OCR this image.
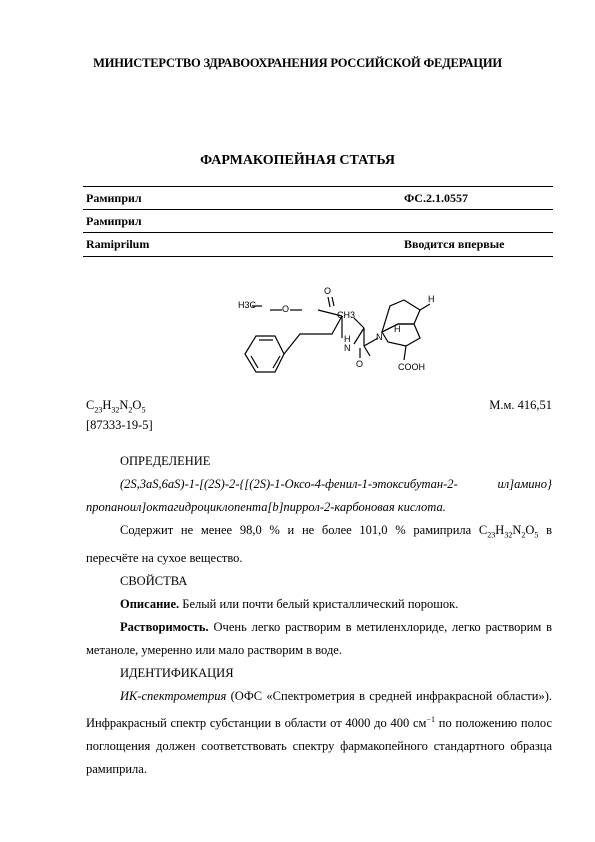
МИНИСТЕРСТВО ЗДРАВООХРАНЕНИЯ РОССИЙСКОЙ ФЕДЕРАЦИИ
ФАРМАКОПЕЙНАЯ СТАТЬЯ
Рамиприл	ФС.2.1.0557
Рамиприл
Ramiprilum	Вводится впервые
H3C	O
O
H
N
CH3
N
H
H
O	COOH
$C_{23}H_{32}N_2O_5$
[87333-19-5]
М.м. 416,51

ОПРЕДЕЛЕНИЕ

(2S,3aS,6aS)-1-[(2S)-2-{[(2S)-1-Оксо-4-фенил-1-этоксибутан-2-	ил]амино}пропаноил]октагидроциклопента[b]пиррол-2-карбоновая кислота.

Содержит не менее 98,0 % и не более 101,0 % рамиприла $C_{23}H_{32}N_2O_5$ в пересчёте на сухое вещество.

СВОЙСТВА

Описание. Белый или почти белый кристаллический порошок.

Растворимость. Очень легко растворим в метиленхлориде, легко растворим в метаноле, умеренно или мало растворим в воде.

ИДЕНТИФИКАЦИЯ

ИК-спектрометрия (ОФС «Спектрометрия в средней инфракрасной области»). Инфракрасный спектр субстанции в области от 4000 до 400 $см^{-1}$ по положению полос поглощения должен соответствовать спектру фармакопейного стандартного образца рамиприла.
